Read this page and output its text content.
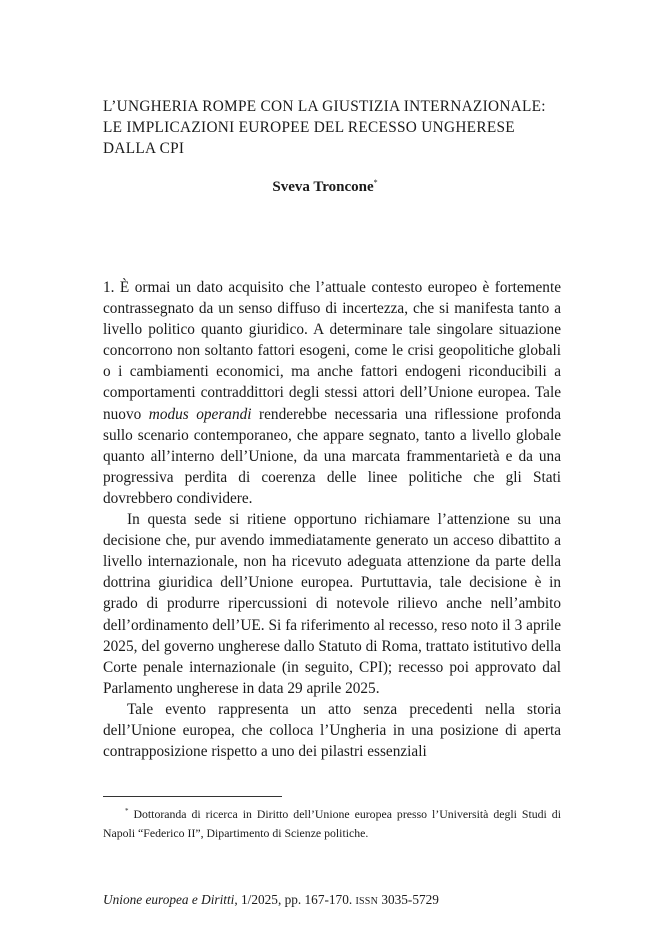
L’UNGHERIA ROMPE CON LA GIUSTIZIA INTERNAZIONALE: LE IMPLICAZIONI EUROPEE DEL RECESSO UNGHERESE DALLA CPI

Sveva Troncone*

1. È ormai un dato acquisito che l’attuale contesto europeo è fortemente contrassegnato da un senso diffuso di incertezza, che si manifesta tanto a livello politico quanto giuridico. A determinare tale singolare situazione concorrono non soltanto fattori esogeni, come le crisi geopolitiche globali o i cambiamenti economici, ma anche fattori endogeni riconducibili a comportamenti contraddittori degli stessi attori dell’Unione europea. Tale nuovo modus operandi renderebbe necessaria una riflessione profonda sullo scenario contemporaneo, che appare segnato, tanto a livello globale quanto all’interno dell’Unione, da una marcata frammentarietà e da una progressiva perdita di coerenza delle linee politiche che gli Stati dovrebbero condividere.

In questa sede si ritiene opportuno richiamare l’attenzione su una decisione che, pur avendo immediatamente generato un acceso dibattito a livello internazionale, non ha ricevuto adeguata attenzione da parte della dottrina giuridica dell’Unione europea. Purtuttavia, tale decisione è in grado di produrre ripercussioni di notevole rilievo anche nell’ambito dell’ordinamento dell’UE. Si fa riferimento al recesso, reso noto il 3 aprile 2025, del governo ungherese dallo Statuto di Roma, trattato istitutivo della Corte penale internazionale (in seguito, CPI); recesso poi approvato dal Parlamento ungherese in data 29 aprile 2025.

Tale evento rappresenta un atto senza precedenti nella storia dell’Unione europea, che colloca l’Ungheria in una posizione di aperta contrapposizione rispetto a uno dei pilastri essenziali

* Dottoranda di ricerca in Diritto dell’Unione europea presso l’Università degli Studi di Napoli “Federico II”, Dipartimento di Scienze politiche.

Unione europea e Diritti, 1/2025, pp. 167-170. ISSN 3035-5729
